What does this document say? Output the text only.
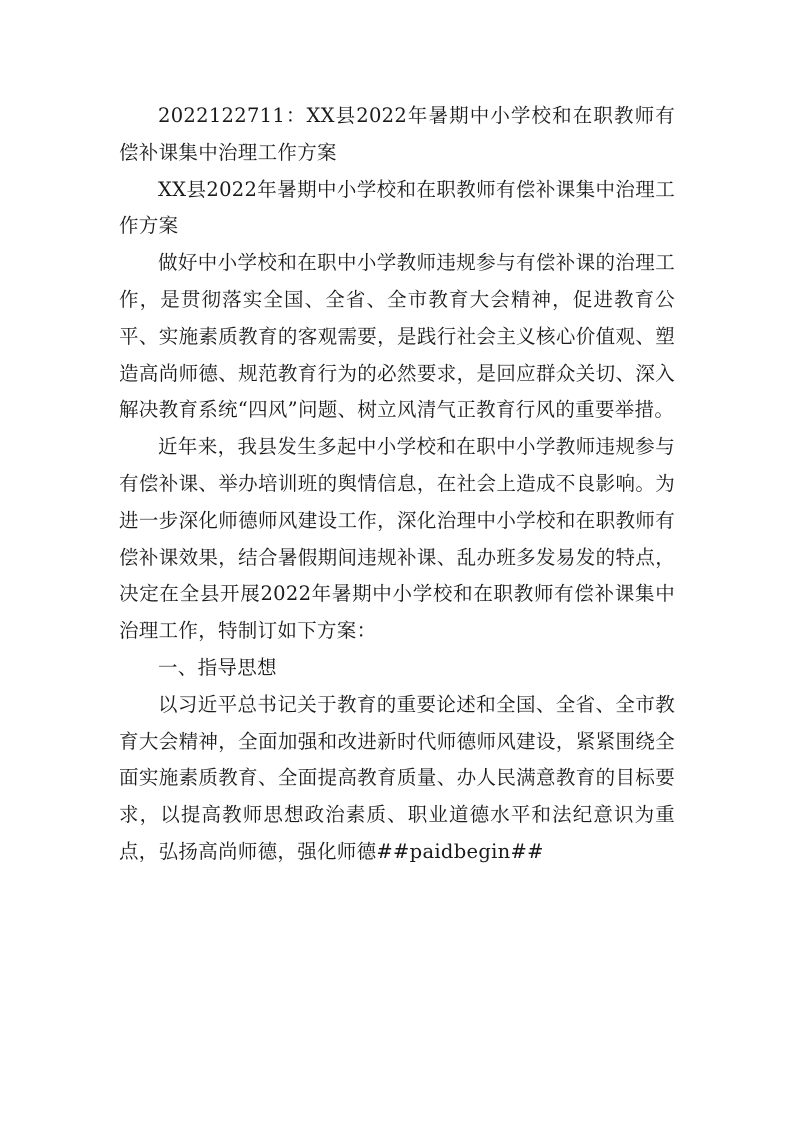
2022122711：XX县2022年暑期中小学校和在职教师有偿补课集中治理工作方案

XX县2022年暑期中小学校和在职教师有偿补课集中治理工作方案

做好中小学校和在职中小学教师违规参与有偿补课的治理工作，是贯彻落实全国、全省、全市教育大会精神，促进教育公平、实施素质教育的客观需要，是践行社会主义核心价值观、塑造高尚师德、规范教育行为的必然要求，是回应群众关切、深入解决教育系统“四风”问题、树立风清气正教育行风的重要举措。

近年来，我县发生多起中小学校和在职中小学教师违规参与有偿补课、举办培训班的舆情信息，在社会上造成不良影响。为进一步深化师德师风建设工作，深化治理中小学校和在职教师有偿补课效果，结合暑假期间违规补课、乱办班多发易发的特点，决定在全县开展2022年暑期中小学校和在职教师有偿补课集中治理工作，特制订如下方案：

一、指导思想

以习近平总书记关于教育的重要论述和全国、全省、全市教育大会精神，全面加强和改进新时代师德师风建设，紧紧围绕全面实施素质教育、全面提高教育质量、办人民满意教育的目标要求，以提高教师思想政治素质、职业道德水平和法纪意识为重点，弘扬高尚师德，强化师德##paidbegin##
